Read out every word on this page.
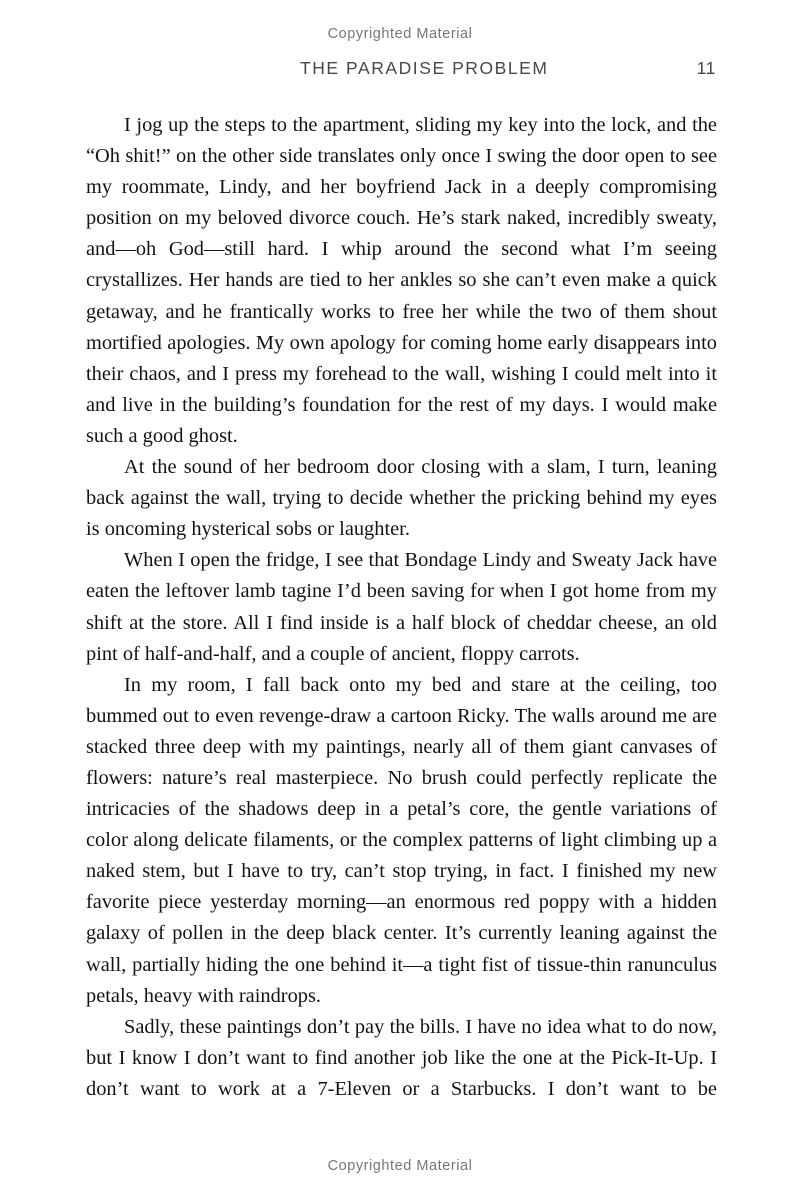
Copyrighted Material
THE PARADISE PROBLEM	11

I jog up the steps to the apartment, sliding my key into the lock, and the “Oh shit!” on the other side translates only once I swing the door open to see my roommate, Lindy, and her boyfriend Jack in a deeply compromising position on my beloved divorce couch. He’s stark naked, incredibly sweaty, and—oh God—still hard. I whip around the second what I’m seeing crystallizes. Her hands are tied to her ankles so she can’t even make a quick getaway, and he frantically works to free her while the two of them shout mortified apologies. My own apology for coming home early disappears into their chaos, and I press my forehead to the wall, wishing I could melt into it and live in the building’s foundation for the rest of my days. I would make such a good ghost.

At the sound of her bedroom door closing with a slam, I turn, leaning back against the wall, trying to decide whether the pricking behind my eyes is oncoming hysterical sobs or laughter.

When I open the fridge, I see that Bondage Lindy and Sweaty Jack have eaten the leftover lamb tagine I’d been saving for when I got home from my shift at the store. All I find inside is a half block of cheddar cheese, an old pint of half-and-half, and a couple of ancient, floppy carrots.

In my room, I fall back onto my bed and stare at the ceiling, too bummed out to even revenge-draw a cartoon Ricky. The walls around me are stacked three deep with my paintings, nearly all of them giant canvases of flowers: nature’s real masterpiece. No brush could perfectly replicate the intricacies of the shadows deep in a petal’s core, the gentle variations of color along delicate filaments, or the complex patterns of light climbing up a naked stem, but I have to try, can’t stop trying, in fact. I finished my new favorite piece yesterday morning—an enormous red poppy with a hidden galaxy of pollen in the deep black center. It’s currently leaning against the wall, partially hiding the one behind it—a tight fist of tissue-thin ranunculus petals, heavy with raindrops.

Sadly, these paintings don’t pay the bills. I have no idea what to do now, but I know I don’t want to find another job like the one at the Pick-It-Up. I don’t want to work at a 7-Eleven or a Starbucks. I don’t want to be

Copyrighted Material
